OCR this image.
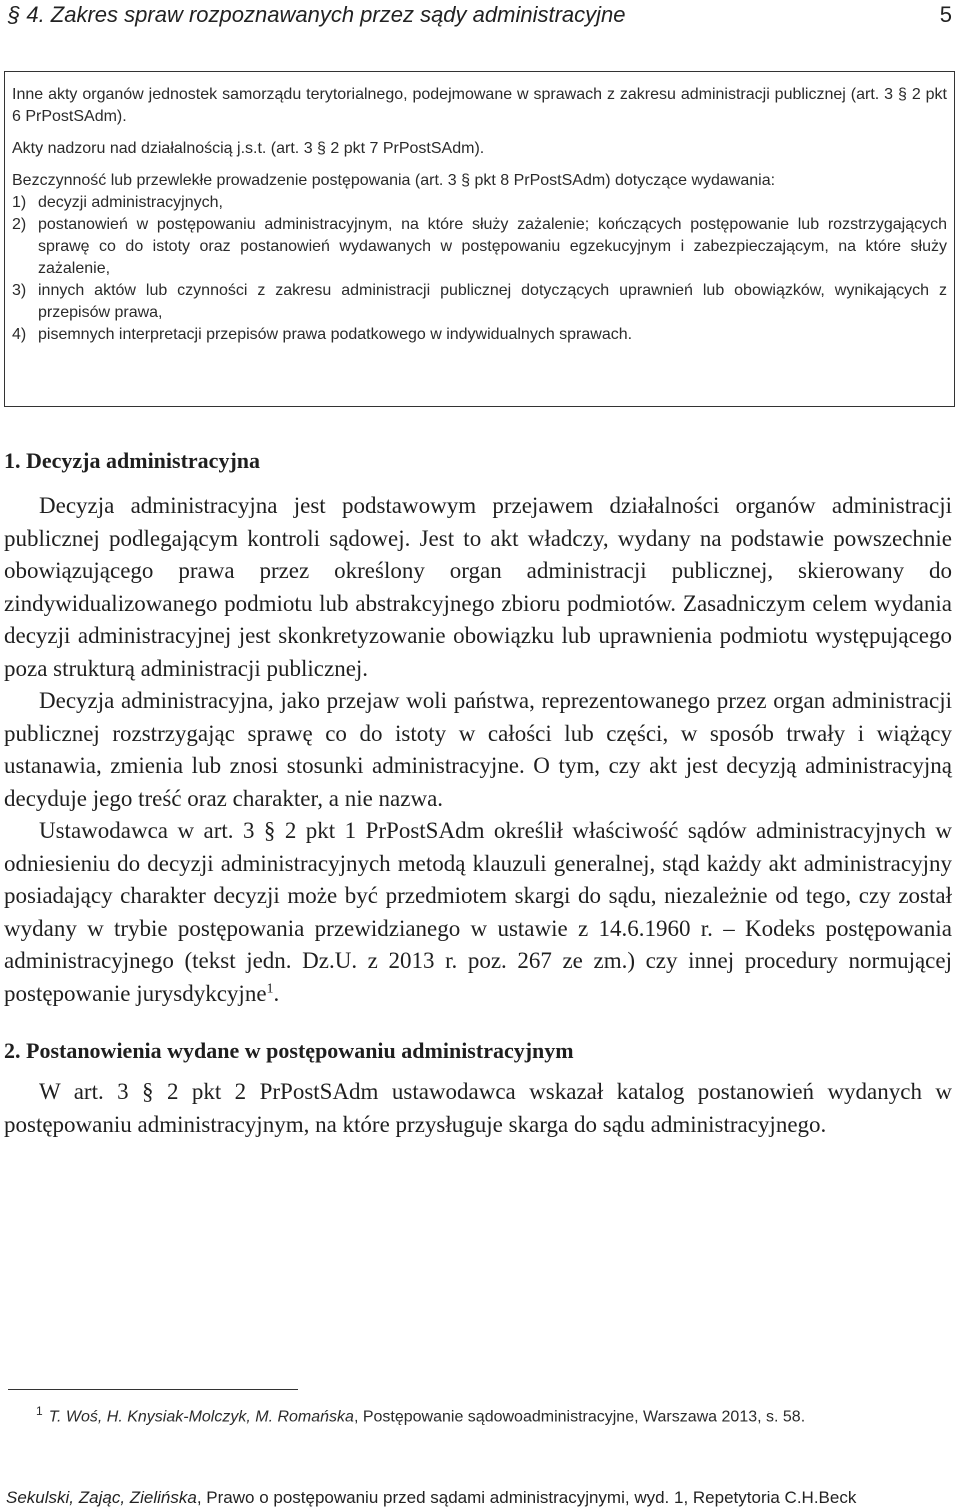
§ 4. Zakres spraw rozpoznawanych przez sądy administracyjne	5

Inne akty organów jednostek samorządu terytorialnego, podejmowane w sprawach z zakresu administracji publicznej (art. 3 § 2 pkt 6 PrPostSAdm).

Akty nadzoru nad działalnością j.s.t. (art. 3 § 2 pkt 7 PrPostSAdm).

Bezczynność lub przewlekłe prowadzenie postępowania (art. 3 § pkt 8 PrPostSAdm) dotyczące wydawania:

1) decyzji administracyjnych,
2) postanowień w postępowaniu administracyjnym, na które służy zażalenie; kończących postępowanie lub rozstrzygających sprawę co do istoty oraz postanowień wydawanych w postępowaniu egzekucyjnym i zabezpieczającym, na które służy zażalenie,
3) innych aktów lub czynności z zakresu administracji publicznej dotyczących uprawnień lub obowiązków, wynikających z przepisów prawa,
4) pisemnych interpretacji przepisów prawa podatkowego w indywidualnych sprawach.
1. Decyzja administracyjna

Decyzja administracyjna jest podstawowym przejawem działalności organów administracji publicznej podlegającym kontroli sądowej. Jest to akt władczy, wydany na podstawie powszechnie obowiązującego prawa przez określony organ administracji publicznej, skierowany do zindywidualizowanego podmiotu lub abstrakcyjnego zbioru podmiotów. Zasadniczym celem wydania decyzji administracyjnej jest skonkretyzowanie obowiązku lub uprawnienia podmiotu występującego poza strukturą administracji publicznej.

Decyzja administracyjna, jako przejaw woli państwa, reprezentowanego przez organ administracji publicznej rozstrzygając sprawę co do istoty w całości lub części, w sposób trwały i wiążący ustanawia, zmienia lub znosi stosunki administracyjne. O tym, czy akt jest decyzją administracyjną decyduje jego treść oraz charakter, a nie nazwa.

Ustawodawca w art. 3 § 2 pkt 1 PrPostSAdm określił właściwość sądów administracyjnych w odniesieniu do decyzji administracyjnych metodą klauzuli generalnej, stąd każdy akt administracyjny posiadający charakter decyzji może być przedmiotem skargi do sądu, niezależnie od tego, czy został wydany w trybie postępowania przewidzianego w ustawie z 14.6.1960 r. – Kodeks postępowania administracyjnego (tekst jedn. Dz.U. z 2013 r. poz. 267 ze zm.) czy innej procedury normującej postępowanie jurysdykcyjne$^1$.

2. Postanowienia wydane w postępowaniu administracyjnym

W art. 3 § 2 pkt 2 PrPostSAdm ustawodawca wskazał katalog postanowień wydanych w postępowaniu administracyjnym, na które przysługuje skarga do sądu administracyjnego.

$^1$ T. Woś, H. Knysiak-Molczyk, M. Romańska, Postępowanie sądowoadministracyjne, Warszawa 2013, s. 58.
Sekulski, Zając, Zielińska, Prawo o postępowaniu przed sądami administracyjnymi, wyd. 1, Repetytoria C.H.Beck
